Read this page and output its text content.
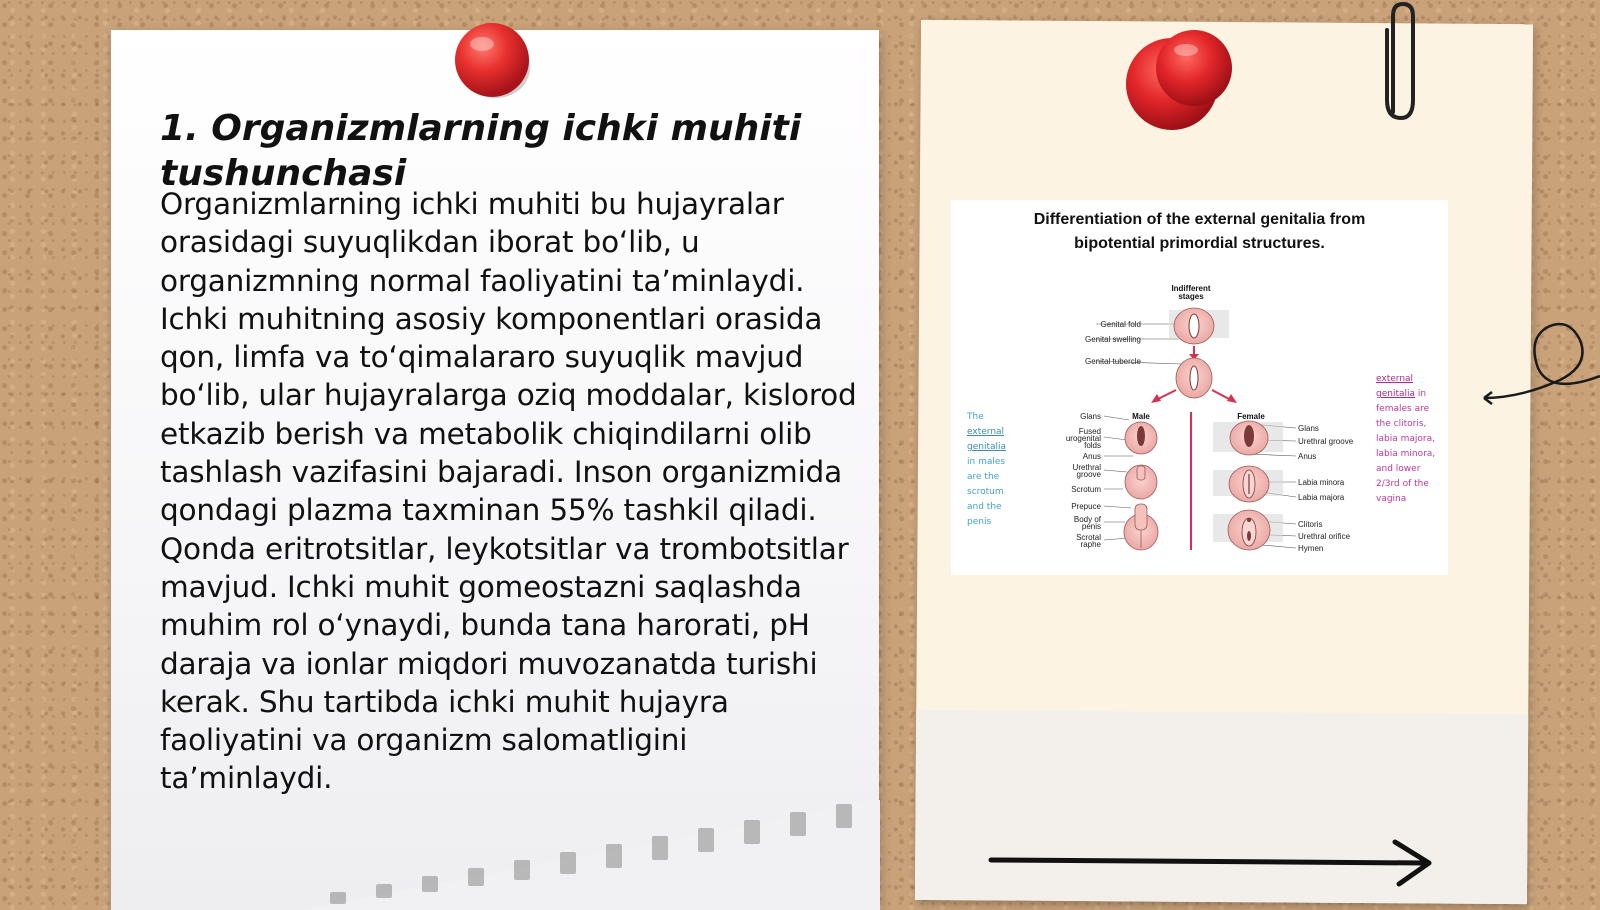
1. Organizmlarning ichki muhiti tushunchasi

Organizmlarning ichki muhiti bu hujayralar orasidagi suyuqlikdan iborat bo‘lib, u organizmning normal faoliyatini ta’minlaydi. Ichki muhitning asosiy komponentlari orasida qon, limfa va to‘qimalararo suyuqlik mavjud bo‘lib, ular hujayralarga oziq moddalar, kislorod etkazib berish va metabolik chiqindilarni olib tashlash vazifasini bajaradi. Inson organizmida qondagi plazma taxminan 55% tashkil qiladi. Qonda eritrotsitlar, leykotsitlar va trombotsitlar mavjud. Ichki muhit gomeostazni saqlashda muhim rol o‘ynaydi, bunda tana harorati, pH daraja va ionlar miqdori muvozanatda turishi kerak. Shu tartibda ichki muhit hujayra faoliyatini va organizm salomatligini ta’minlaydi.

Differentiation of the external genitalia from
bipotential primordial structures.
The external genitalia in males are the scrotum and the penis
external genitalia in females are the clitoris, labia majora, labia minora, and lower 2/3rd of the vagina
Indifferent
stages
Male	Female
Genital fold
Genital swelling
Genital tubercle
Glans
Fused
urogenital
folds
Anus
Urethral
groove
Scrotum
Prepuce
Body of
penis
Scrotal
raphe
Glans
Urethral groove
Anus
Labia minora
Labia majora
Clitoris
Urethral orifice
Hymen
